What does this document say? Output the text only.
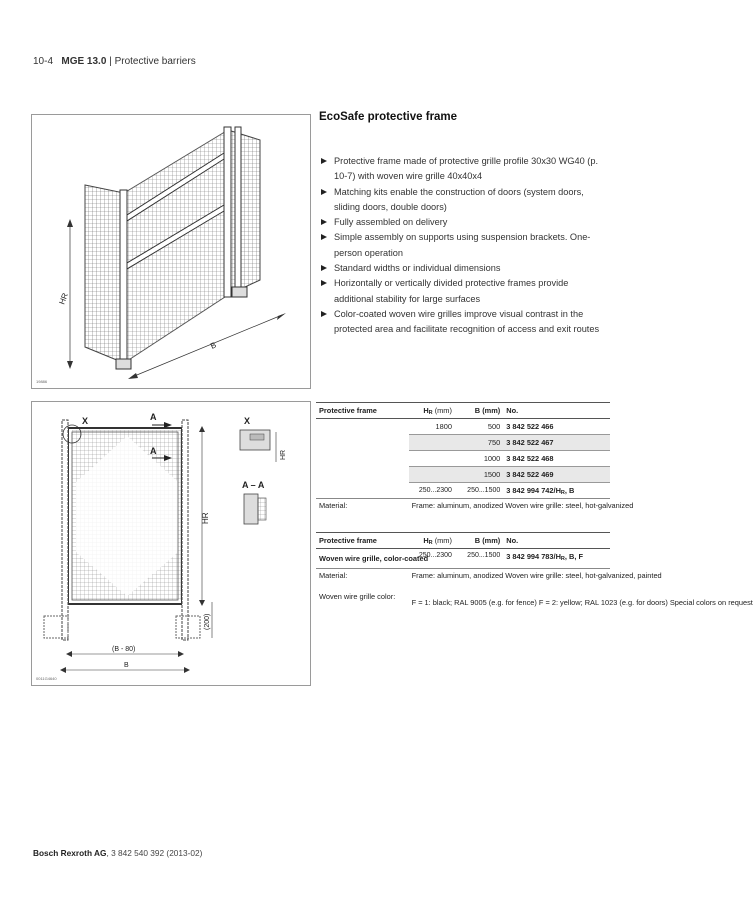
10-4 MGE 13.0 | Protective barriers
HR
B
19886
X	A
A
HR
(200)
(B - 80)
B
X
HR
A – A
0011G4640
EcoSafe protective frame
Protective frame made of protective grille profile 30x30 WG40 (p. 10-7) with woven wire grille 40x40x4
Matching kits enable the construction of doors (system doors, sliding doors, double doors)
Fully assembled on delivery
Simple assembly on supports using suspension brackets. One-person operation
Standard widths or individual dimensions
Horizontally or vertically divided protective frames provide additional stability for large surfaces
Color-coated woven wire grilles improve visual contrast in the protected area and facilitate recognition of access and exit routes
Protective frame	HR (mm)	B (mm)	No.
	1800	500	3 842 522 466
		750	3 842 522 467
		1000	3 842 522 468
		1500	3 842 522 469
	250...2300	250...1500	3 842 994 742/HR, B
Material:	Frame: aluminum, anodized Woven wire grille: steel, hot-galvanized		
Protective frame	HR (mm)	B (mm)	No.
Woven wire grille, color-coated	250...2300	250...1500	3 842 994 783/HR, B, F
Material:	Frame: aluminum, anodized Woven wire grille: steel, hot-galvanized, painted		
Woven wire grille color:	F = 1: black; RAL 9005 (e.g. for fence) F = 2: yellow; RAL 1023 (e.g. for doors) Special colors on request		
Bosch Rexroth AG, 3 842 540 392 (2013-02)
